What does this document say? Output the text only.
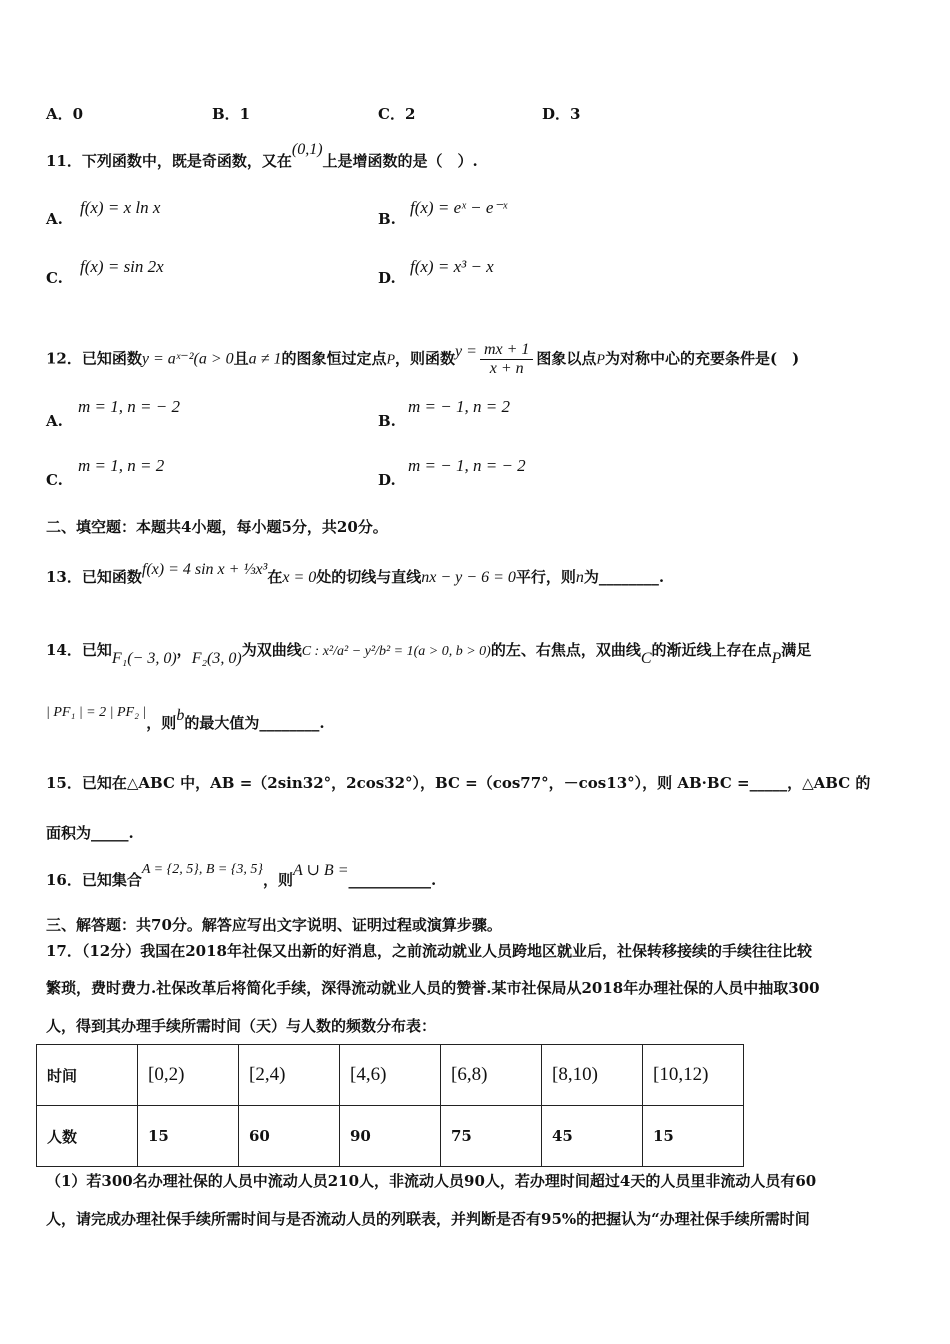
A．0	B．1	C．2	D．3
11．下列函数中，既是奇函数，又在(0,1)上是增函数的是（　）.
A.
f(x) = x ln x
B.
f(x) = eˣ − e⁻ˣ
C.
f(x) = sin 2x
D.
f(x) = x³ − x
12．已知函数y = aˣ⁻²(a > 0且a ≠ 1的图象恒过定点P，则函数$y = \frac{mx + 1}{x + n}$ 图象以点P为对称中心的充要条件是(　)
A.
m = 1, n = − 2
B.
m = − 1, n = 2
C.
m = 1, n = 2
D.
m = − 1, n = − 2
二、填空题：本题共4小题，每小题5分，共20分。
13．已知函数f(x) = 4 sin x + ⅓x³在x = 0处的切线与直线nx − y − 6 = 0平行，则n为________.
14．已知F₁(− 3, 0)，F₂(3, 0)为双曲线C : x²/a² − y²/b² = 1(a > 0, b > 0)的左、右焦点，双曲线C的渐近线上存在点P满足
| PF₁ | = 2 | PF₂ |，则b的最大值为________.
15．已知在△ABC 中，AB =（2sin32°，2cos32°），BC =（cos77°，－cos13°），则 AB·BC =_____，△ABC 的
面积为_____.
16．已知集合A = {2, 5}, B = {3, 5}，则A ∪ B =___________.
三、解答题：共70分。解答应写出文字说明、证明过程或演算步骤。
17．（12分）我国在2018年社保又出新的好消息，之前流动就业人员跨地区就业后，社保转移接续的手续往往比较
繁琐，费时费力.社保改革后将简化手续，深得流动就业人员的赞誉.某市社保局从2018年办理社保的人员中抽取300
人，得到其办理手续所需时间（天）与人数的频数分布表：
时间	[0,2)	[2,4)	[4,6)	[6,8)	[8,10)	[10,12)
人数	15	60	90	75	45	15
（1）若300名办理社保的人员中流动人员210人，非流动人员90人，若办理时间超过4天的人员里非流动人员有60
人，请完成办理社保手续所需时间与是否流动人员的列联表，并判断是否有95%的把握认为“办理社保手续所需时间
